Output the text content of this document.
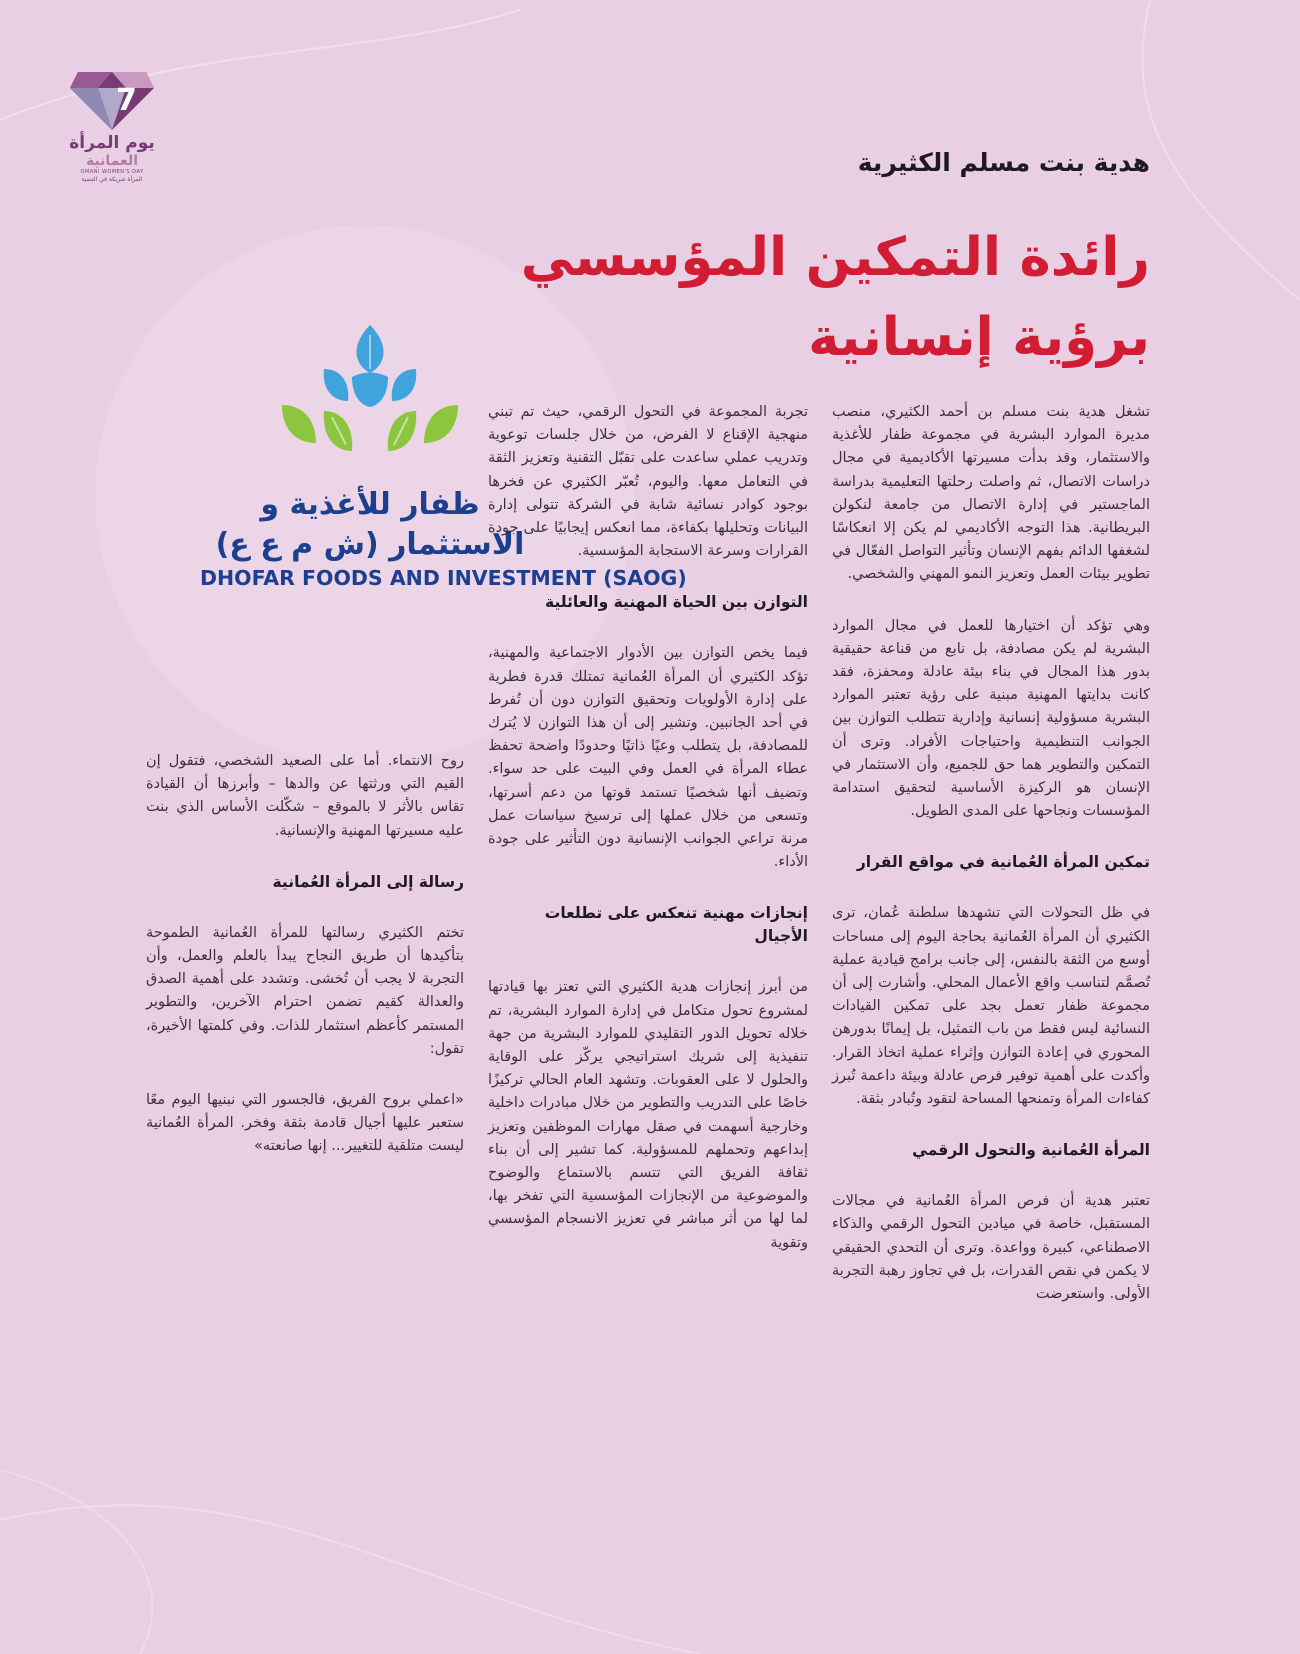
7
يوم المرأة
العمانية
OMANI WOMEN'S DAY
المرأة شريكة في التنمية
هدية بنت مسلم الكثيرية
رائدة التمكين المؤسسي
برؤية إنسانية
ظفار للأغذية و الاستثمار (ش م ع ع)
DHOFAR FOODS AND INVESTMENT (SAOG)

تشغل هدية بنت مسلم بن أحمد الكثيري، منصب مديرة الموارد البشرية في مجموعة ظفار للأغذية والاستثمار، وقد بدأت مسيرتها الأكاديمية في مجال دراسات الاتصال، ثم واصلت رحلتها التعليمية بدراسة الماجستير في إدارة الاتصال من جامعة لنكولن البريطانية. هذا التوجه الأكاديمي لم يكن إلا انعكاسًا لشغفها الدائم بفهم الإنسان وتأثير التواصل الفعّال في تطوير بيئات العمل وتعزيز النمو المهني والشخصي.

وهي تؤكد أن اختيارها للعمل في مجال الموارد البشرية لم يكن مصادفة، بل نابع من قناعة حقيقية بدور هذا المجال في بناء بيئة عادلة ومحفزة، فقد كانت بدايتها المهنية مبنية على رؤية تعتبر الموارد البشرية مسؤولية إنسانية وإدارية تتطلب التوازن بين الجوانب التنظيمية واحتياجات الأفراد. وترى أن التمكين والتطوير هما حق للجميع، وأن الاستثمار في الإنسان هو الركيزة الأساسية لتحقيق استدامة المؤسسات ونجاحها على المدى الطويل.

تمكين المرأة العُمانية في مواقع القرار

في ظل التحولات التي تشهدها سلطنة عُمان، ترى الكثيري أن المرأة العُمانية بحاجة اليوم إلى مساحات أوسع من الثقة بالنفس، إلى جانب برامج قيادية عملية تُصمَّم لتناسب واقع الأعمال المحلي. وأشارت إلى أن مجموعة ظفار تعمل بجد على تمكين القيادات النسائية ليس فقط من باب التمثيل، بل إيمانًا بدورهن المحوري في إعادة التوازن وإثراء عملية اتخاذ القرار. وأكدت على أهمية توفير فرص عادلة وبيئة داعمة تُبرز كفاءات المرأة وتمنحها المساحة لتقود وتُبادر بثقة.

المرأة العُمانية والتحول الرقمي

تعتبر هدية أن فرص المرأة العُمانية في مجالات المستقبل، خاصة في ميادين التحول الرقمي والذكاء الاصطناعي، كبيرة وواعدة. وترى أن التحدي الحقيقي لا يكمن في نقص القدرات، بل في تجاوز رهبة التجربة الأولى. واستعرضت

تجربة المجموعة في التحول الرقمي، حيث تم تبني منهجية الإقناع لا الفرض، من خلال جلسات توعوية وتدريب عملي ساعدت على تقبّل التقنية وتعزيز الثقة في التعامل معها. واليوم، تُعبّر الكثيري عن فخرها بوجود كوادر نسائية شابة في الشركة تتولى إدارة البيانات وتحليلها بكفاءة، مما انعكس إيجابيًا على جودة القرارات وسرعة الاستجابة المؤسسية.

التوازن بين الحياة المهنية والعائلية

فيما يخص التوازن بين الأدوار الاجتماعية والمهنية، تؤكد الكثيري أن المرأة العُمانية تمتلك قدرة فطرية على إدارة الأولويات وتحقيق التوازن دون أن تُفرط في أحد الجانبين. وتشير إلى أن هذا التوازن لا يُترك للمصادفة، بل يتطلب وعيًا ذاتيًا وحدودًا واضحة تحفظ عطاء المرأة في العمل وفي البيت على حد سواء. وتضيف أنها شخصيًا تستمد قوتها من دعم أسرتها، وتسعى من خلال عملها إلى ترسيخ سياسات عمل مرنة تراعي الجوانب الإنسانية دون التأثير على جودة الأداء.

إنجازات مهنية تنعكس على تطلعات الأجيال

من أبرز إنجازات هدية الكثيري التي تعتز بها قيادتها لمشروع تحول متكامل في إدارة الموارد البشرية، تم خلاله تحويل الدور التقليدي للموارد البشرية من جهة تنفيذية إلى شريك استراتيجي يركّز على الوقاية والحلول لا على العقوبات. وتشهد العام الحالي تركيزًا خاصًا على التدريب والتطوير من خلال مبادرات داخلية وخارجية أسهمت في صقل مهارات الموظفين وتعزيز إبداعهم وتحملهم للمسؤولية. كما تشير إلى أن بناء ثقافة الفريق التي تتسم بالاستماع والوضوح والموضوعية من الإنجازات المؤسسية التي تفخر بها، لما لها من أثر مباشر في تعزيز الانسجام المؤسسي وتقوية

روح الانتماء. أما على الصعيد الشخصي، فتقول إن القيم التي ورثتها عن والدها – وأبرزها أن القيادة تقاس بالأثر لا بالموقع – شكّلت الأساس الذي بنت عليه مسيرتها المهنية والإنسانية.

رسالة إلى المرأة العُمانية

تختم الكثيري رسالتها للمرأة العُمانية الطموحة بتأكيدها أن طريق النجاح يبدأ بالعلم والعمل، وأن التجربة لا يجب أن تُخشى. وتشدد على أهمية الصدق والعدالة كقيم تضمن احترام الآخرين، والتطوير المستمر كأعظم استثمار للذات. وفي كلمتها الأخيرة، تقول:

«اعملي بروح الفريق، فالجسور التي نبنيها اليوم معًا ستعبر عليها أجيال قادمة بثقة وفخر. المرأة العُمانية ليست متلقية للتغيير... إنها صانعته»
